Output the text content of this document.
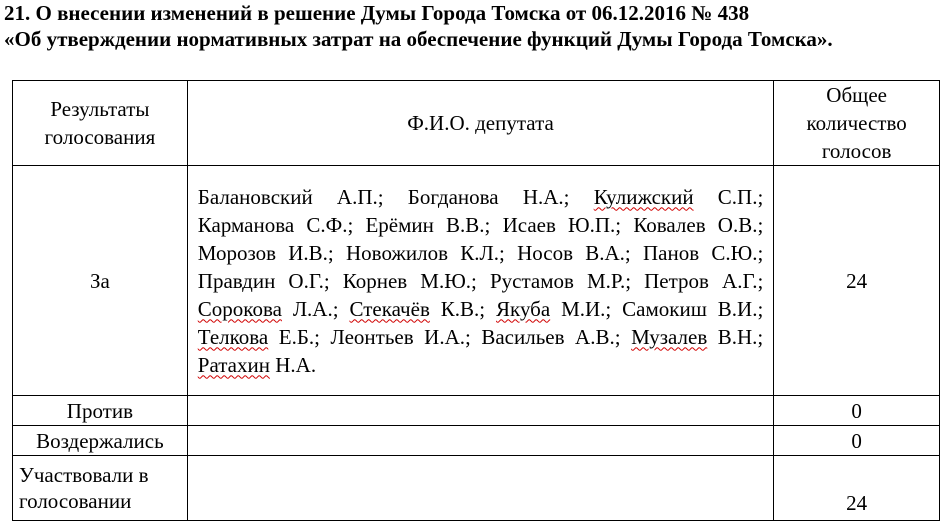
21. О внесении изменений в решение Думы Города Томска от 06.12.2016 № 438
«Об утверждении нормативных затрат на обеспечение функций Думы Города Томска».

Результаты голосования	Ф.И.О. депутата	Общее количество голосов
За	Балановский А.П.; Богданова Н.А.; Кулижский С.П.; Карманова С.Ф.; Ерёмин В.В.; Исаев Ю.П.; Ковалев О.В.; Морозов И.В.; Новожилов К.Л.; Носов В.А.; Панов С.Ю.; Правдин О.Г.; Корнев М.Ю.; Рустамов М.Р.; Петров А.Г.; Сорокова Л.А.; Стекачёв К.В.; Якуба М.И.; Самокиш В.И.; Телкова Е.Б.; Леонтьев И.А.; Васильев А.В.; Музалев В.Н.; Ратахин Н.А.	24
Против		0
Воздержались		0
Участвовали в голосовании		24
